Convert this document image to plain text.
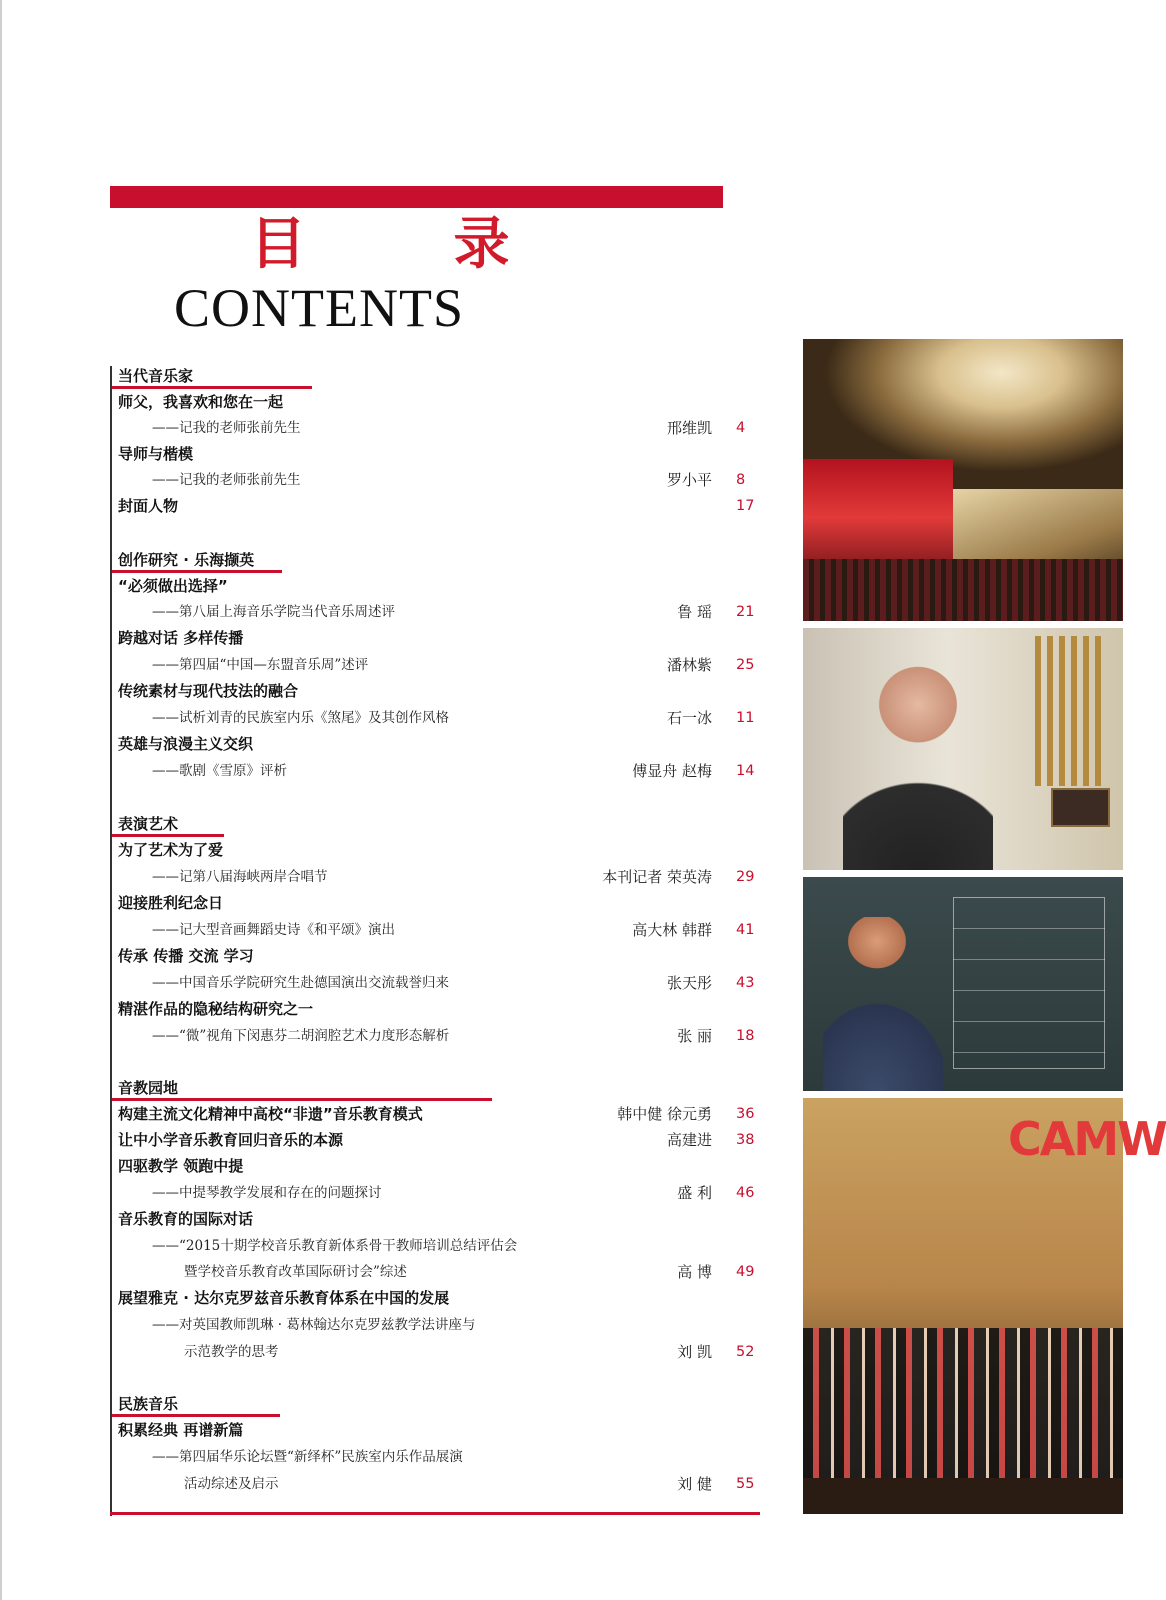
目 录
CONTENTS
当代音乐家
师父，我喜欢和您在一起
——记我的老师张前先生	邢维凯 4
导师与楷模
——记我的老师张前先生	罗小平 8
封面人物	17
创作研究 · 乐海撷英
“必须做出选择”
——第八届上海音乐学院当代音乐周述评	鲁 瑶 21
跨越对话 多样传播
——第四届“中国—东盟音乐周”述评	潘林紫 25
传统素材与现代技法的融合
——试析刘青的民族室内乐《煞尾》及其创作风格	石一冰 11
英雄与浪漫主义交织
——歌剧《雪原》评析	傅显舟 赵梅 14
表演艺术
为了艺术为了爱
——记第八届海峡两岸合唱节	本刊记者 荣英涛 29
迎接胜利纪念日
——记大型音画舞蹈史诗《和平颂》演出	高大林 韩群 41
传承 传播 交流 学习
——中国音乐学院研究生赴德国演出交流载誉归来	张天彤 43
精湛作品的隐秘结构研究之一
——“微”视角下闵惠芬二胡润腔艺术力度形态解析	张 丽 18
音教园地
构建主流文化精神中高校“非遗”音乐教育模式	韩中健 徐元勇 36
让中小学音乐教育回归音乐的本源	高建进 38
四驱教学 领跑中提
——中提琴教学发展和存在的问题探讨	盛 利 46
音乐教育的国际对话
——“2015十期学校音乐教育新体系骨干教师培训总结评估会
暨学校音乐教育改革国际研讨会”综述	高 博 49
展望雅克 · 达尔克罗兹音乐教育体系在中国的发展
——对英国教师凯琳 · 葛林翰达尔克罗兹教学法讲座与
示范教学的思考	刘 凯 52
民族音乐
积累经典 再谱新篇
——第四届华乐论坛暨“新绎杯”民族室内乐作品展演
活动综述及启示	刘 健 55
CAMW
